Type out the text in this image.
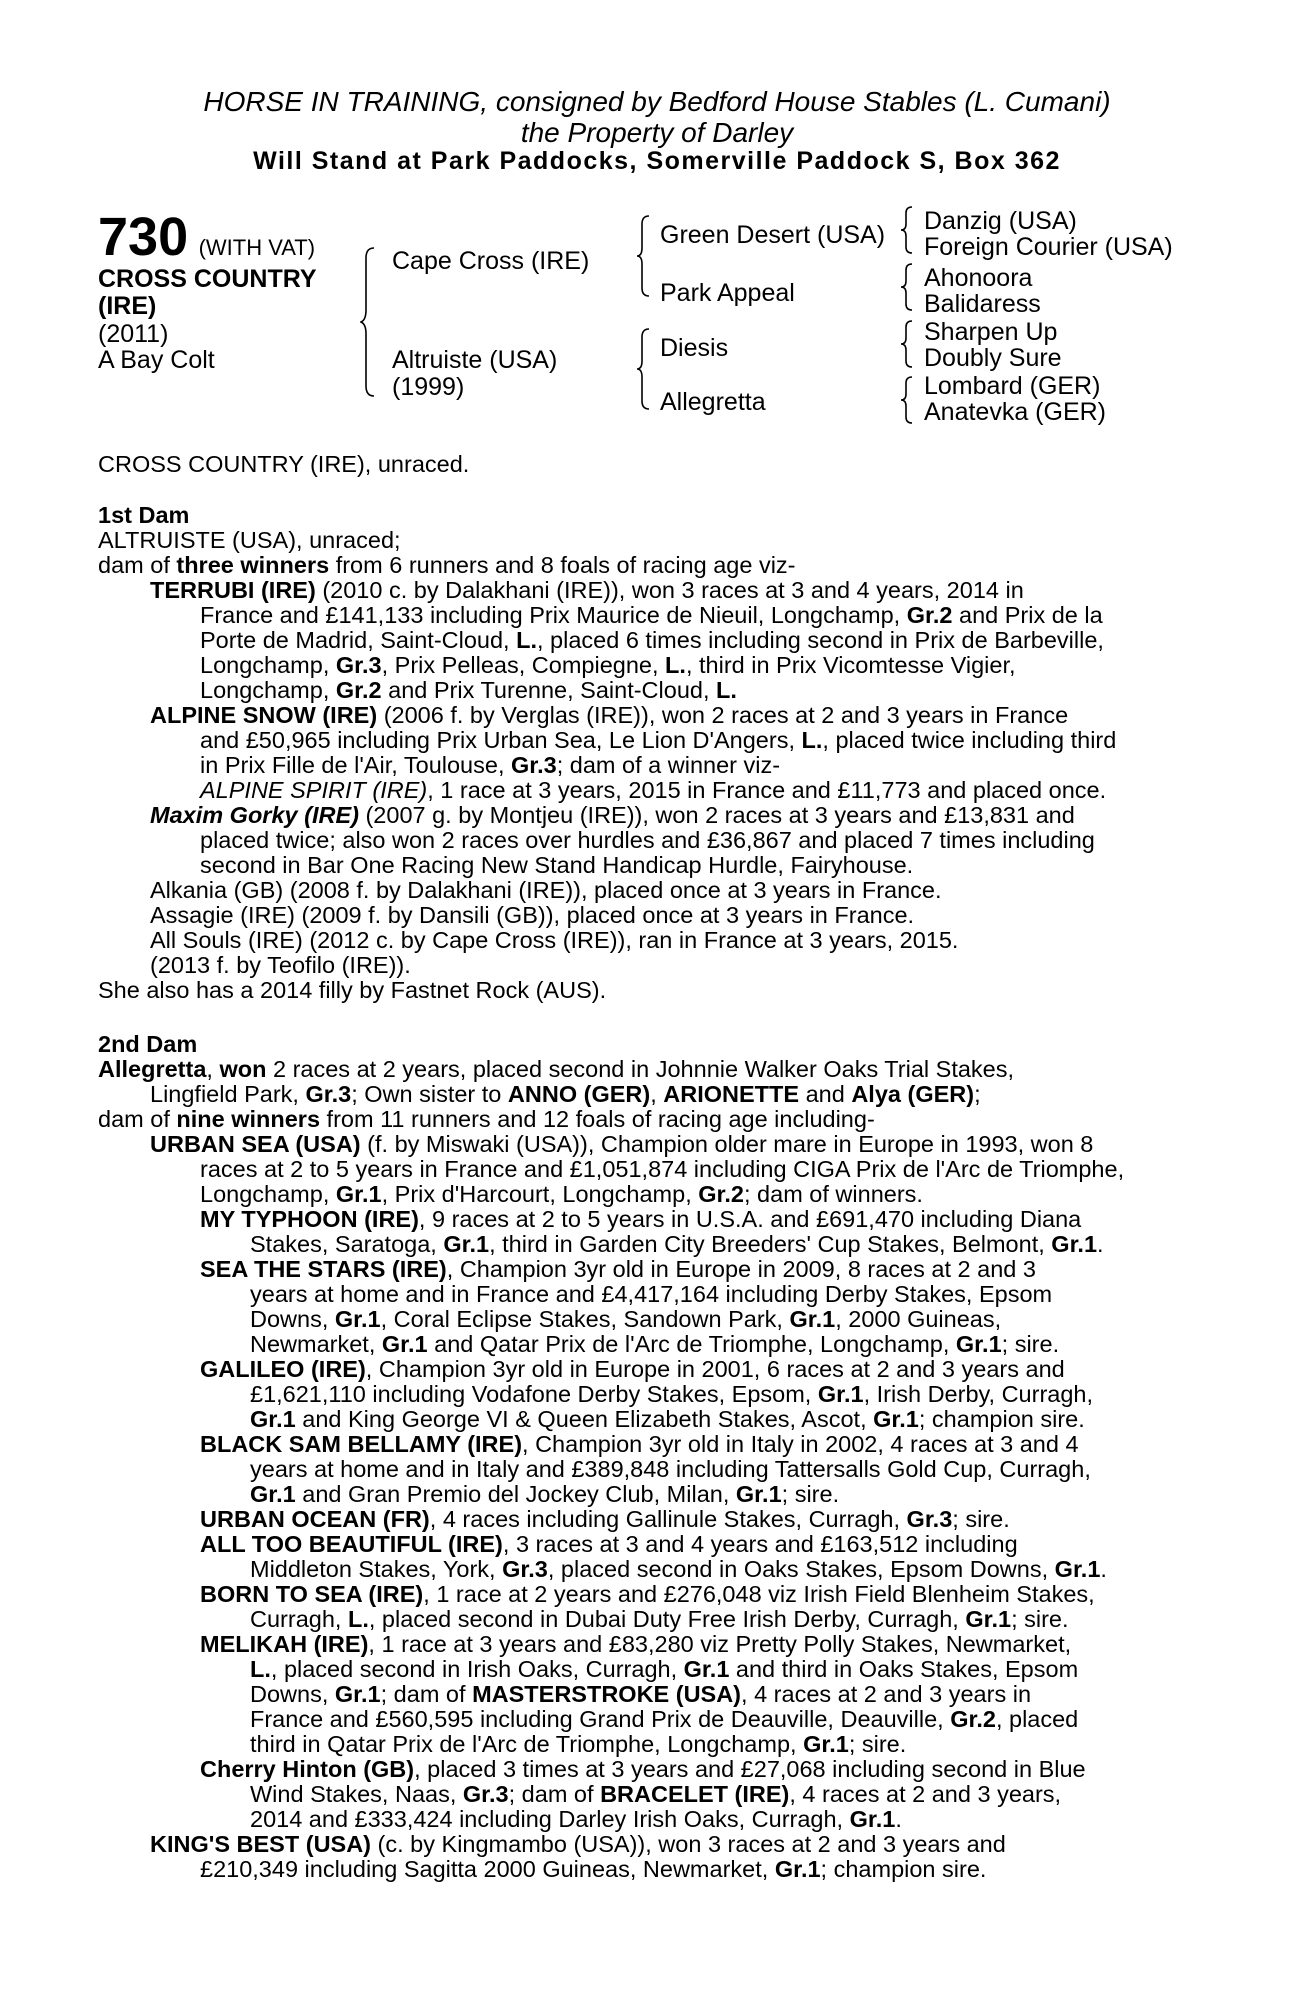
HORSE IN TRAINING, consigned by Bedford House Stables (L. Cumani)
the Property of Darley
Will Stand at Park Paddocks, Somerville Paddock S, Box 362
730 (WITH VAT)
CROSS COUNTRY
(IRE)
(2011)
A Bay Colt
Cape Cross (IRE)
Altruiste (USA)
(1999)
Green Desert (USA)
Park Appeal
Diesis
Allegretta
Danzig (USA)
Foreign Courier (USA)
Ahonoora
Balidaress
Sharpen Up
Doubly Sure
Lombard (GER)
Anatevka (GER)
CROSS COUNTRY (IRE), unraced.
1st Dam
ALTRUISTE (USA), unraced;
dam of three winners from 6 runners and 8 foals of racing age viz-
TERRUBI (IRE) (2010 c. by Dalakhani (IRE)), won 3 races at 3 and 4 years, 2014 in
France and £141,133 including Prix Maurice de Nieuil, Longchamp, Gr.2 and Prix de la
Porte de Madrid, Saint-Cloud, L., placed 6 times including second in Prix de Barbeville,
Longchamp, Gr.3, Prix Pelleas, Compiegne, L., third in Prix Vicomtesse Vigier,
Longchamp, Gr.2 and Prix Turenne, Saint-Cloud, L.
ALPINE SNOW (IRE) (2006 f. by Verglas (IRE)), won 2 races at 2 and 3 years in France
and £50,965 including Prix Urban Sea, Le Lion D'Angers, L., placed twice including third
in Prix Fille de l'Air, Toulouse, Gr.3; dam of a winner viz-
ALPINE SPIRIT (IRE), 1 race at 3 years, 2015 in France and £11,773 and placed once.
Maxim Gorky (IRE) (2007 g. by Montjeu (IRE)), won 2 races at 3 years and £13,831 and
placed twice; also won 2 races over hurdles and £36,867 and placed 7 times including
second in Bar One Racing New Stand Handicap Hurdle, Fairyhouse.
Alkania (GB) (2008 f. by Dalakhani (IRE)), placed once at 3 years in France.
Assagie (IRE) (2009 f. by Dansili (GB)), placed once at 3 years in France.
All Souls (IRE) (2012 c. by Cape Cross (IRE)), ran in France at 3 years, 2015.
(2013 f. by Teofilo (IRE)).
She also has a 2014 filly by Fastnet Rock (AUS).
2nd Dam
Allegretta, won 2 races at 2 years, placed second in Johnnie Walker Oaks Trial Stakes,
Lingfield Park, Gr.3; Own sister to ANNO (GER), ARIONETTE and Alya (GER);
dam of nine winners from 11 runners and 12 foals of racing age including-
URBAN SEA (USA) (f. by Miswaki (USA)), Champion older mare in Europe in 1993, won 8
races at 2 to 5 years in France and £1,051,874 including CIGA Prix de l'Arc de Triomphe,
Longchamp, Gr.1, Prix d'Harcourt, Longchamp, Gr.2; dam of winners.
MY TYPHOON (IRE), 9 races at 2 to 5 years in U.S.A. and £691,470 including Diana
Stakes, Saratoga, Gr.1, third in Garden City Breeders' Cup Stakes, Belmont, Gr.1.
SEA THE STARS (IRE), Champion 3yr old in Europe in 2009, 8 races at 2 and 3
years at home and in France and £4,417,164 including Derby Stakes, Epsom
Downs, Gr.1, Coral Eclipse Stakes, Sandown Park, Gr.1, 2000 Guineas,
Newmarket, Gr.1 and Qatar Prix de l'Arc de Triomphe, Longchamp, Gr.1; sire.
GALILEO (IRE), Champion 3yr old in Europe in 2001, 6 races at 2 and 3 years and
£1,621,110 including Vodafone Derby Stakes, Epsom, Gr.1, Irish Derby, Curragh,
Gr.1 and King George VI & Queen Elizabeth Stakes, Ascot, Gr.1; champion sire.
BLACK SAM BELLAMY (IRE), Champion 3yr old in Italy in 2002, 4 races at 3 and 4
years at home and in Italy and £389,848 including Tattersalls Gold Cup, Curragh,
Gr.1 and Gran Premio del Jockey Club, Milan, Gr.1; sire.
URBAN OCEAN (FR), 4 races including Gallinule Stakes, Curragh, Gr.3; sire.
ALL TOO BEAUTIFUL (IRE), 3 races at 3 and 4 years and £163,512 including
Middleton Stakes, York, Gr.3, placed second in Oaks Stakes, Epsom Downs, Gr.1.
BORN TO SEA (IRE), 1 race at 2 years and £276,048 viz Irish Field Blenheim Stakes,
Curragh, L., placed second in Dubai Duty Free Irish Derby, Curragh, Gr.1; sire.
MELIKAH (IRE), 1 race at 3 years and £83,280 viz Pretty Polly Stakes, Newmarket,
L., placed second in Irish Oaks, Curragh, Gr.1 and third in Oaks Stakes, Epsom
Downs, Gr.1; dam of MASTERSTROKE (USA), 4 races at 2 and 3 years in
France and £560,595 including Grand Prix de Deauville, Deauville, Gr.2, placed
third in Qatar Prix de l'Arc de Triomphe, Longchamp, Gr.1; sire.
Cherry Hinton (GB), placed 3 times at 3 years and £27,068 including second in Blue
Wind Stakes, Naas, Gr.3; dam of BRACELET (IRE), 4 races at 2 and 3 years,
2014 and £333,424 including Darley Irish Oaks, Curragh, Gr.1.
KING'S BEST (USA) (c. by Kingmambo (USA)), won 3 races at 2 and 3 years and
£210,349 including Sagitta 2000 Guineas, Newmarket, Gr.1; champion sire.
